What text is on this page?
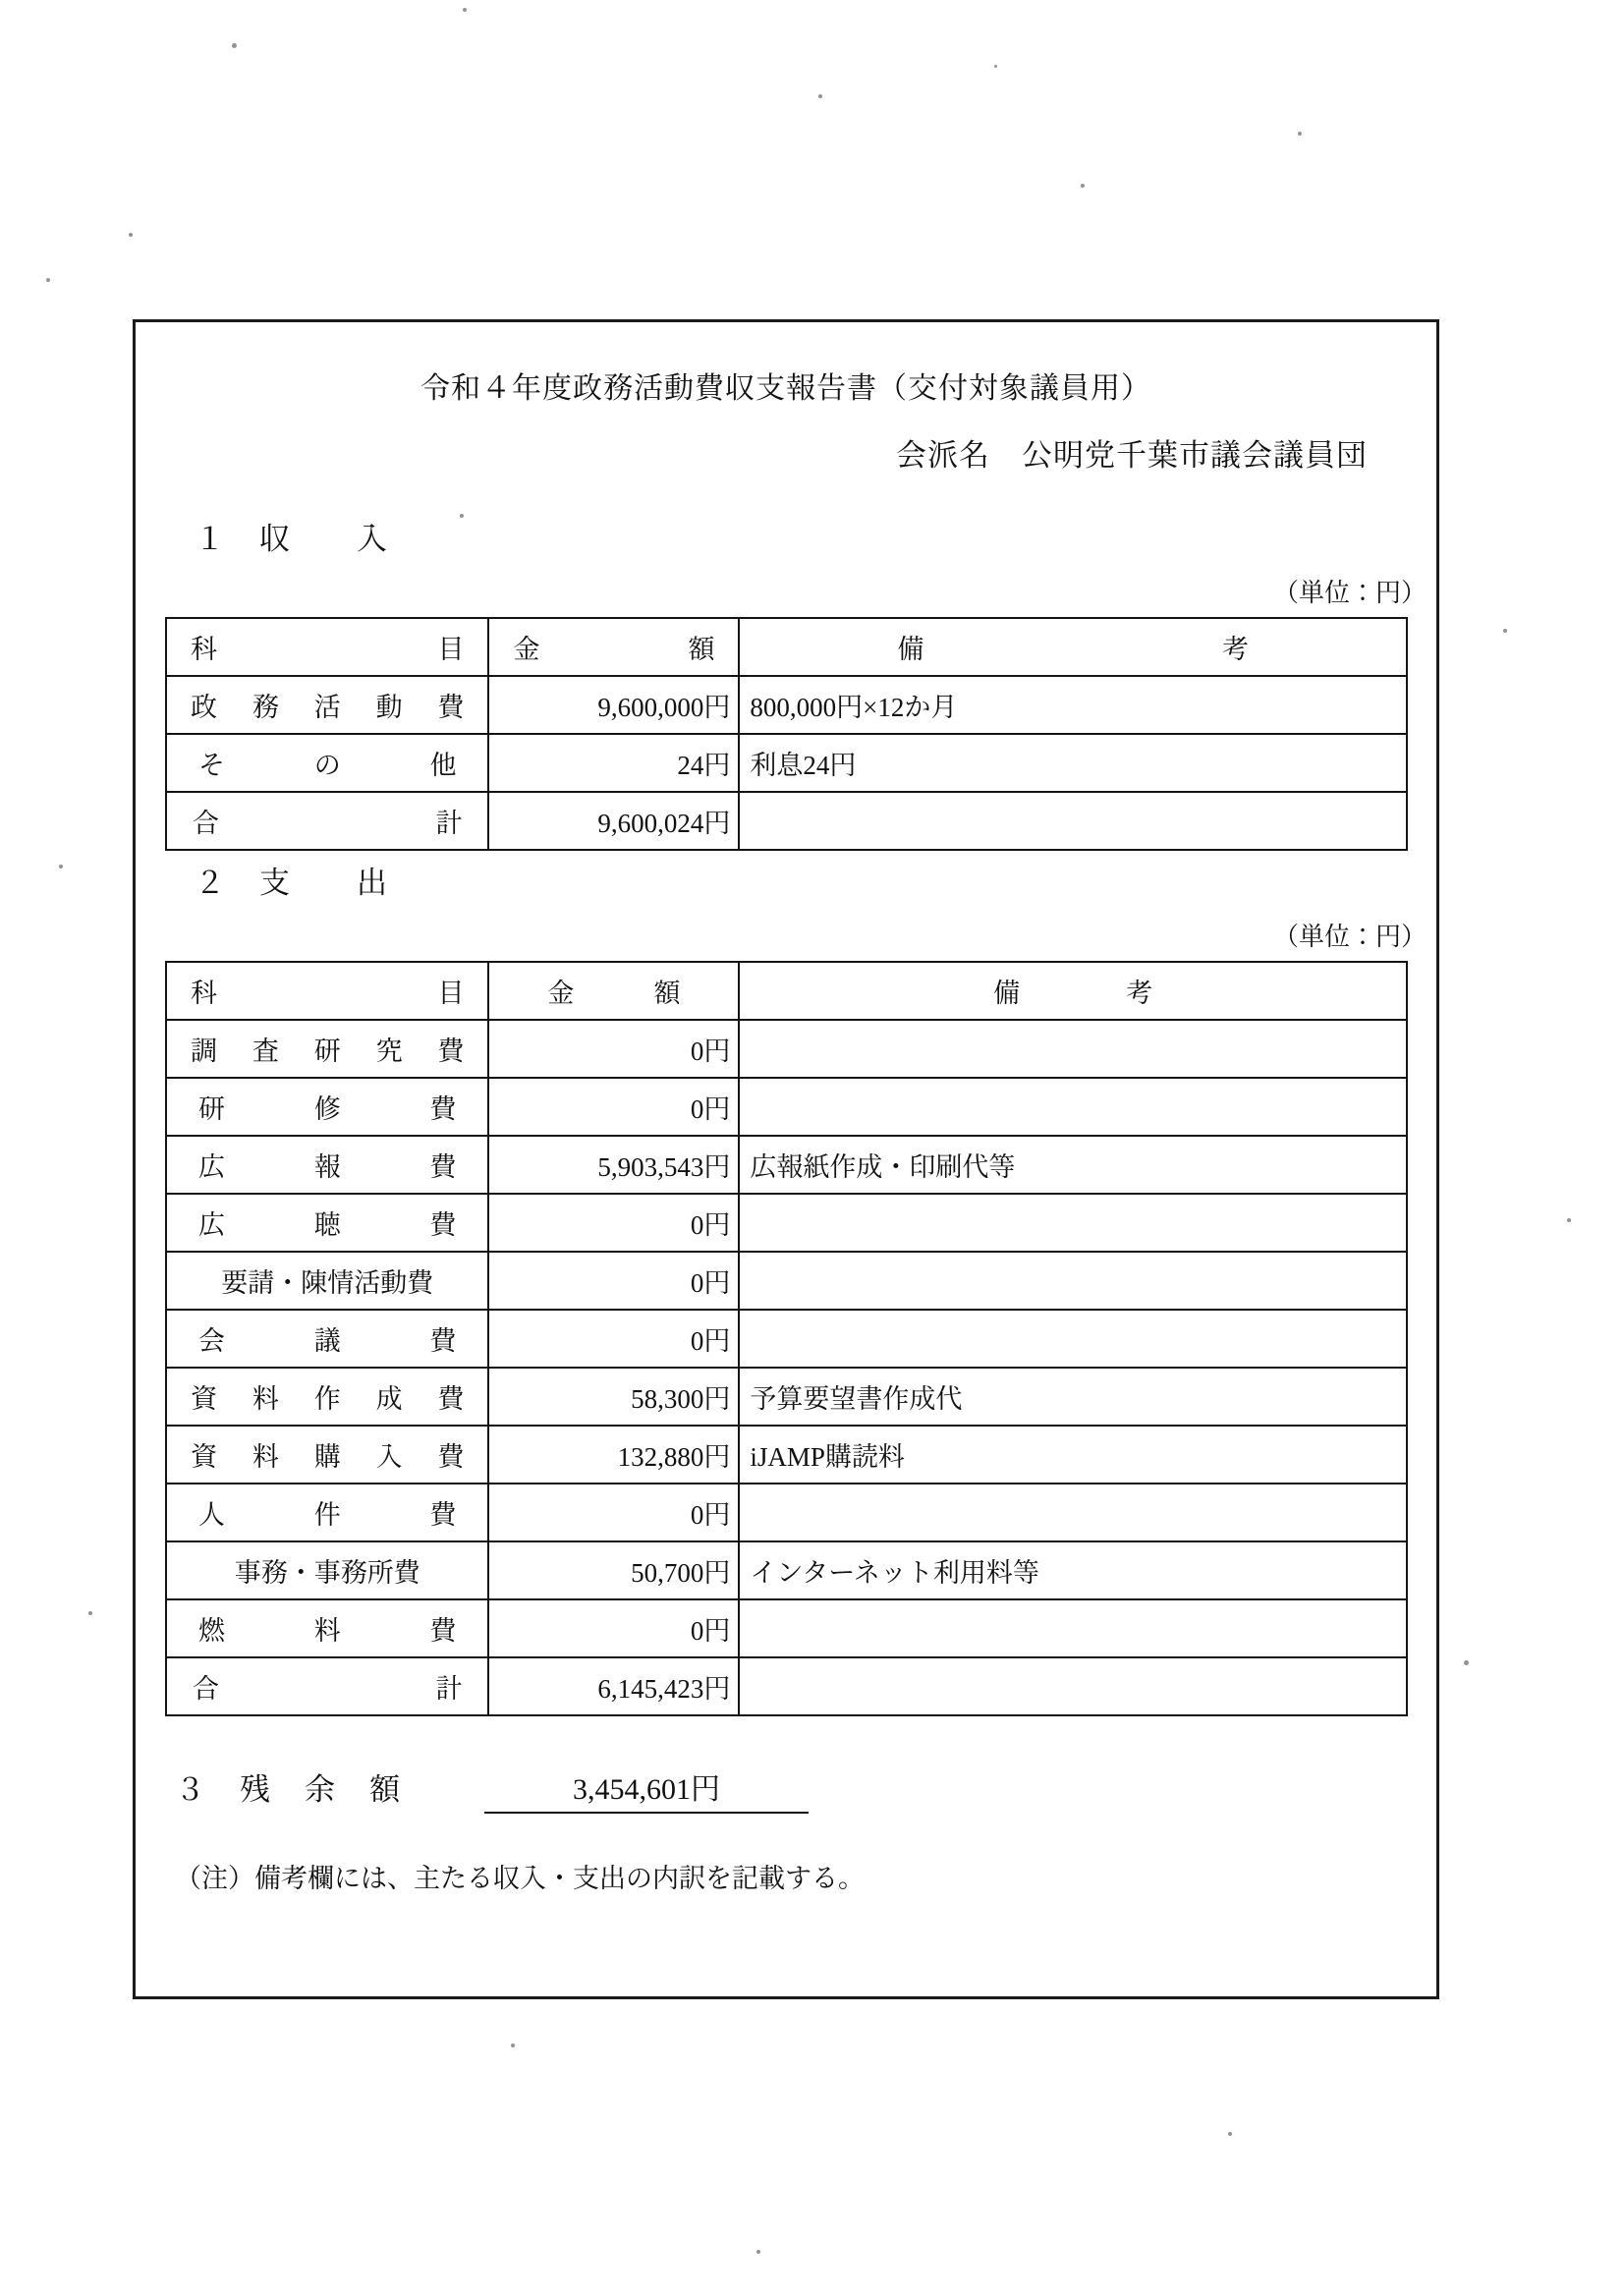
令和４年度政務活動費収支報告書（交付対象議員用）
会派名　公明党千葉市議会議員団
１　収　　入
（単位：円）
科 目	金 額	備 考

政 務 活 動 費	9,600,000円	800,000円×12か月

そ の 他	24円	利息24円

合 計	9,600,024円	
２　支　　出
（単位：円）
科 目	金　　　額	備　　　　考

調 査 研 究 費	0円	

研 修 費	0円	

広 報 費	5,903,543円	広報紙作成・印刷代等

広 聴 費	0円	

要請・陳情活動費	0円	

会 議 費	0円	

資 料 作 成 費	58,300円	予算要望書作成代

資 料 購 入 費	132,880円	iJAMP購読料

人 件 費	0円	

事務・事務所費	50,700円	インターネット利用料等

燃 料 費	0円	

合 計	6,145,423円	
３　残　余　額	3,454,601円
（注）備考欄には、主たる収入・支出の内訳を記載する。
